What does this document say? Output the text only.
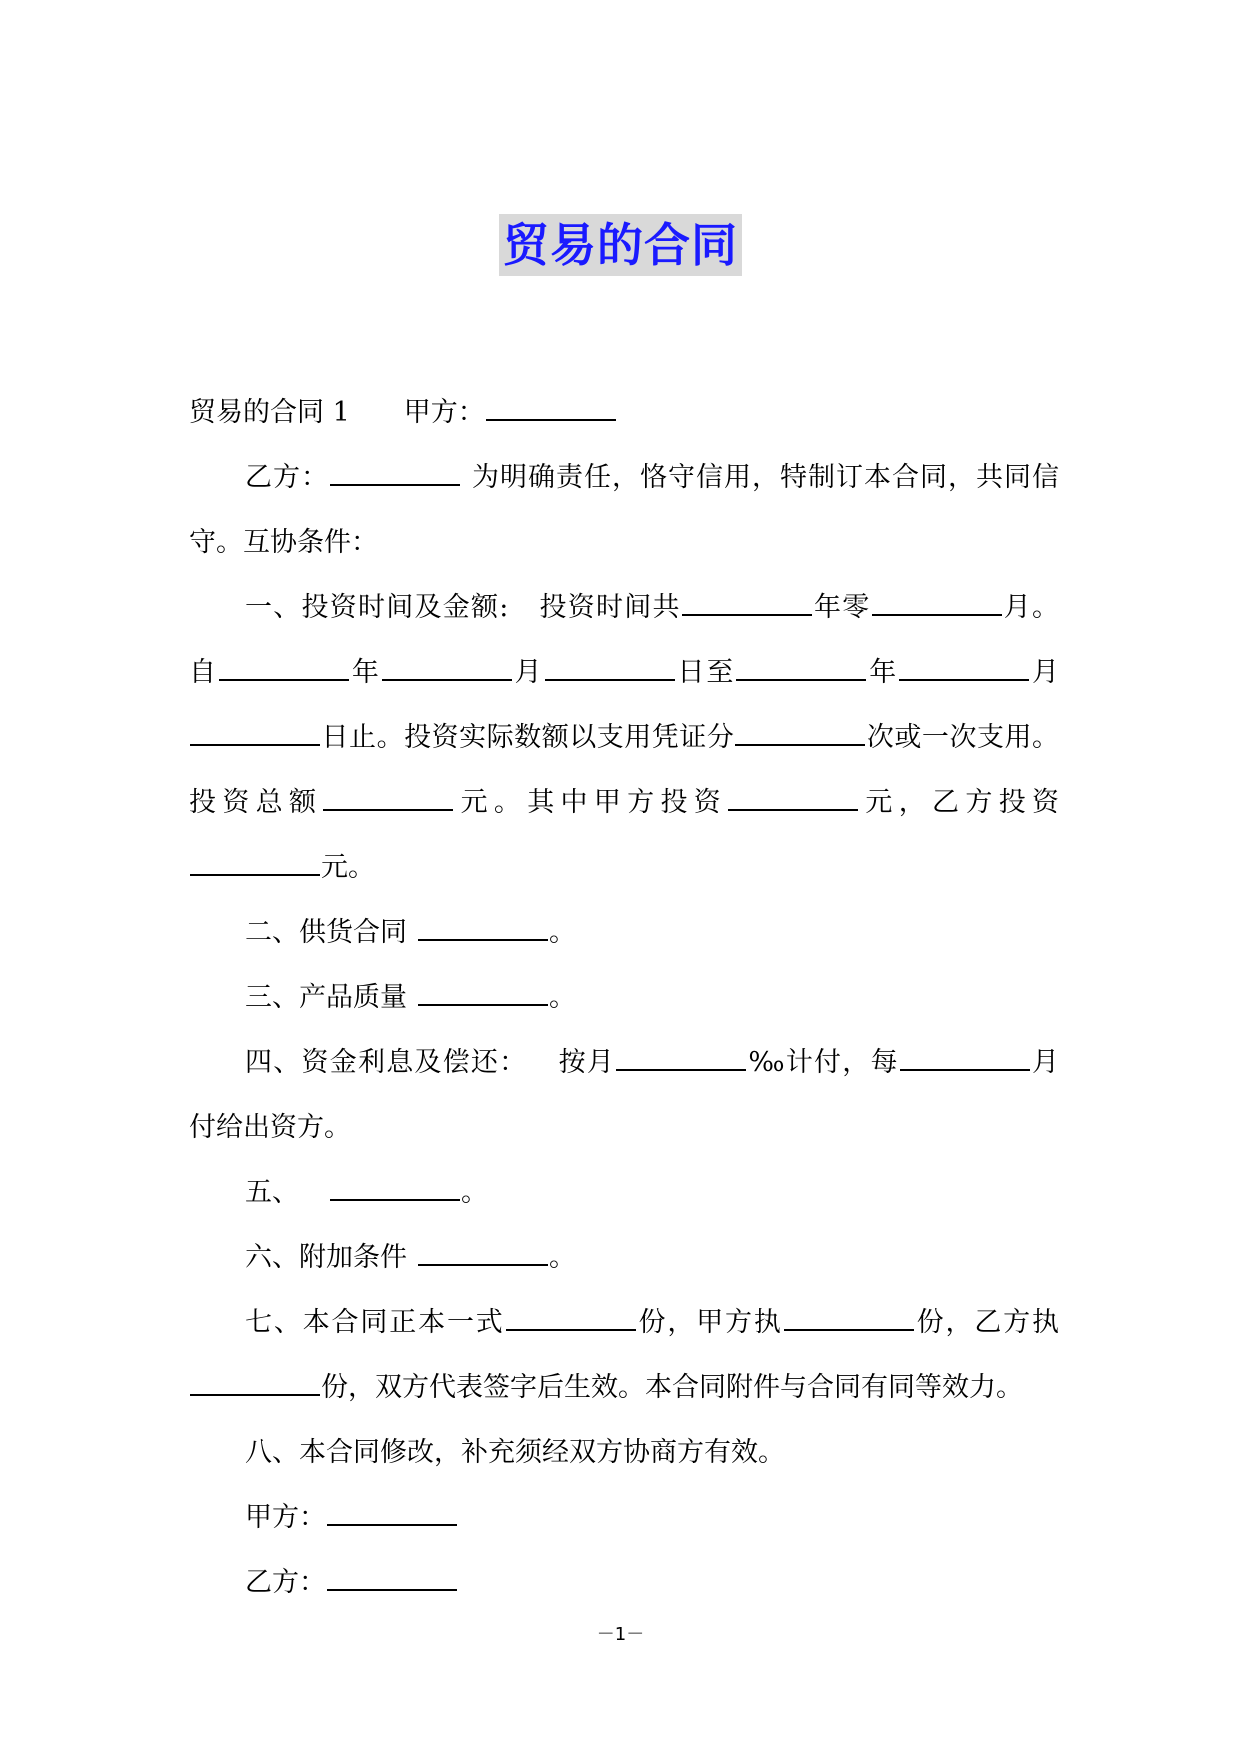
贸易的合同

贸易的合同 1 甲方：

乙方：	为明确责任，恪守信用，特制订本合同，共同信守。互协条件：

一、投资时间及金额: 投资时间共	年零	月。自	年	月	日至	年	月日止。投资实际数额以支用凭证分	次或一次支用。投资总额	元。其中甲方投资	元，乙方投资元。

二、供货合同	。

三、产品质量	。

四、资金利息及偿还： 按月	‰计付，每	月付给出资方。

五、	。

六、附加条件	。

七、本合同正本一式	份，甲方执	份，乙方执份，双方代表签字后生效。本合同附件与合同有同等效力。

八、本合同修改，补充须经双方协商方有效。

甲方：

乙方：

－1－
